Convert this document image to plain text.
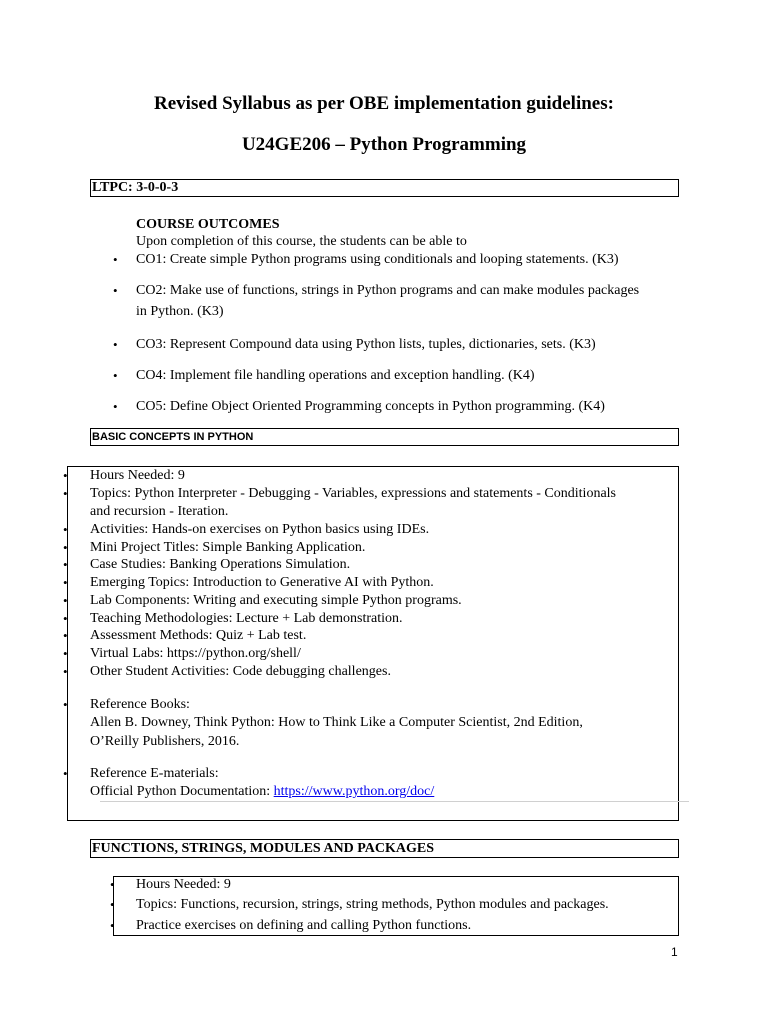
Revised Syllabus as per OBE implementation guidelines:
U24GE206 – Python Programming
LTPC: 3-0-0-3
COURSE OUTCOMES
Upon completion of this course, the students can be able to
• CO1: Create simple Python programs using conditionals and looping statements. (K3)
• CO2: Make use of functions, strings in Python programs and can make modules packages
in Python. (K3)
• CO3: Represent Compound data using Python lists, tuples, dictionaries, sets. (K3)
• CO4: Implement file handling operations and exception handling. (K4)
• CO5: Define Object Oriented Programming concepts in Python programming. (K4)
BASIC CONCEPTS IN PYTHON
• Hours Needed: 9
• Topics: Python Interpreter - Debugging - Variables, expressions and statements - Conditionals
and recursion - Iteration.
• Activities: Hands-on exercises on Python basics using IDEs.
• Mini Project Titles: Simple Banking Application.
• Case Studies: Banking Operations Simulation.
• Emerging Topics: Introduction to Generative AI with Python.
• Lab Components: Writing and executing simple Python programs.
• Teaching Methodologies: Lecture + Lab demonstration.
• Assessment Methods: Quiz + Lab test.
• Virtual Labs: https://python.org/shell/
• Other Student Activities: Code debugging challenges.
• Reference Books:
Allen B. Downey, Think Python: How to Think Like a Computer Scientist, 2nd Edition,
O’Reilly Publishers, 2016.
• Reference E-materials:
Official Python Documentation: https://www.python.org/doc/
FUNCTIONS, STRINGS, MODULES AND PACKAGES
• Hours Needed: 9
• Topics: Functions, recursion, strings, string methods, Python modules and packages.
• Practice exercises on defining and calling Python functions.
1
